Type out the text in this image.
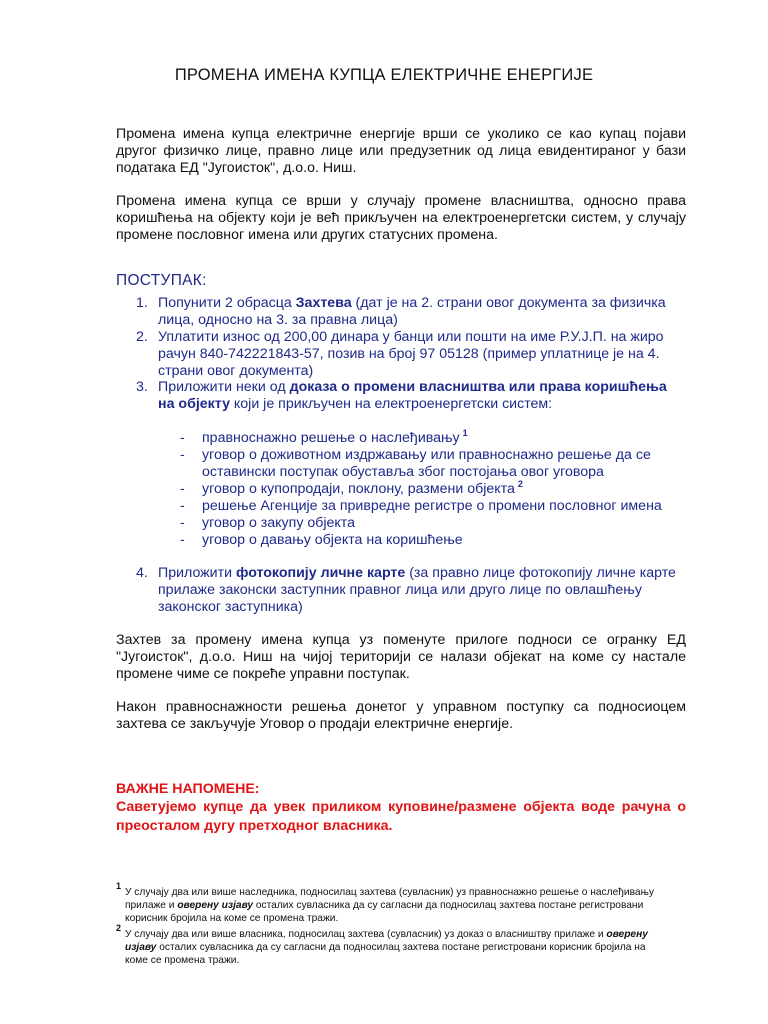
ПРОМЕНА ИМЕНА КУПЦА ЕЛЕКТРИЧНЕ ЕНЕРГИЈЕ
Промена имена купца електричне енергије врши се уколико се као купац појави
другог физичко лице, правно лице или предузетник од лица евидентираног у бази
података ЕД "Југоисток", д.о.о. Ниш.
Промена имена купца се врши у случају промене власништва, односно права
коришћења на објекту који је већ прикључен на електроенергетски систем, у случају
промене пословног имена или других статусних промена.
ПОСТУПАК:
1. Попунити 2 обрасца Захтева (дат је на 2. страни овог документа за физичка
лица, односно на 3. за правна лица)
2. Уплатити износ од 200,00 динара у банци или пошти на име Р.У.Ј.П. на жиро
рачун 840-742221843-57, позив на број 97 05128 (пример уплатнице је на 4.
страни овог документа)
3. Приложити неки од доказа о промени власништва или права коришћења
на објекту који је прикључен на електроенергетски систем:
4. Приложити фотокопију личне карте (за правно лице фотокопију личне карте
прилаже законски заступник правног лица или друго лице по овлашћењу
законског заступника)
- правноснажно решење о наслеђивању $^1$
- уговор о доживотном издржавању или правноснажно решење да се
оставински поступак обуставља због постојања овог уговора
- уговор о купопродаји, поклону, размени објекта $^2$
- решење Агенције за привредне регистре о промени пословног имена
- уговор о закупу објекта
- уговор о давању објекта на коришћење
Захтев за промену имена купца уз поменуте прилоге подноси се огранку ЕД
"Југоисток", д.о.о. Ниш на чијој територији се налази објекат на коме су настале
промене чиме се покреће управни поступак.
Након правноснажности решења донетог у управном поступку са подносиоцем
захтева се закључује Уговор о продаји електричне енергије.
ВАЖНЕ НАПОМЕНЕ:
Саветујемо купце да увек приликом куповине/размене објекта воде рачуна о
преосталом дугу претходног власника.
1
У случају два или више наследника, подносилац захтева (сувласник) уз правноснажно решење о наслеђивању
прилаже и оверену изјаву осталих сувласника да су сагласни да подносилац захтева постане регистровани
корисник бројила на коме се промена тражи.
2
У случају два или више власника, подносилац захтева (сувласник) уз доказ о власништву прилаже и оверену
изјаву осталих сувласника да су сагласни да подносилац захтева постане регистровани корисник бројила на
коме се промена тражи.
